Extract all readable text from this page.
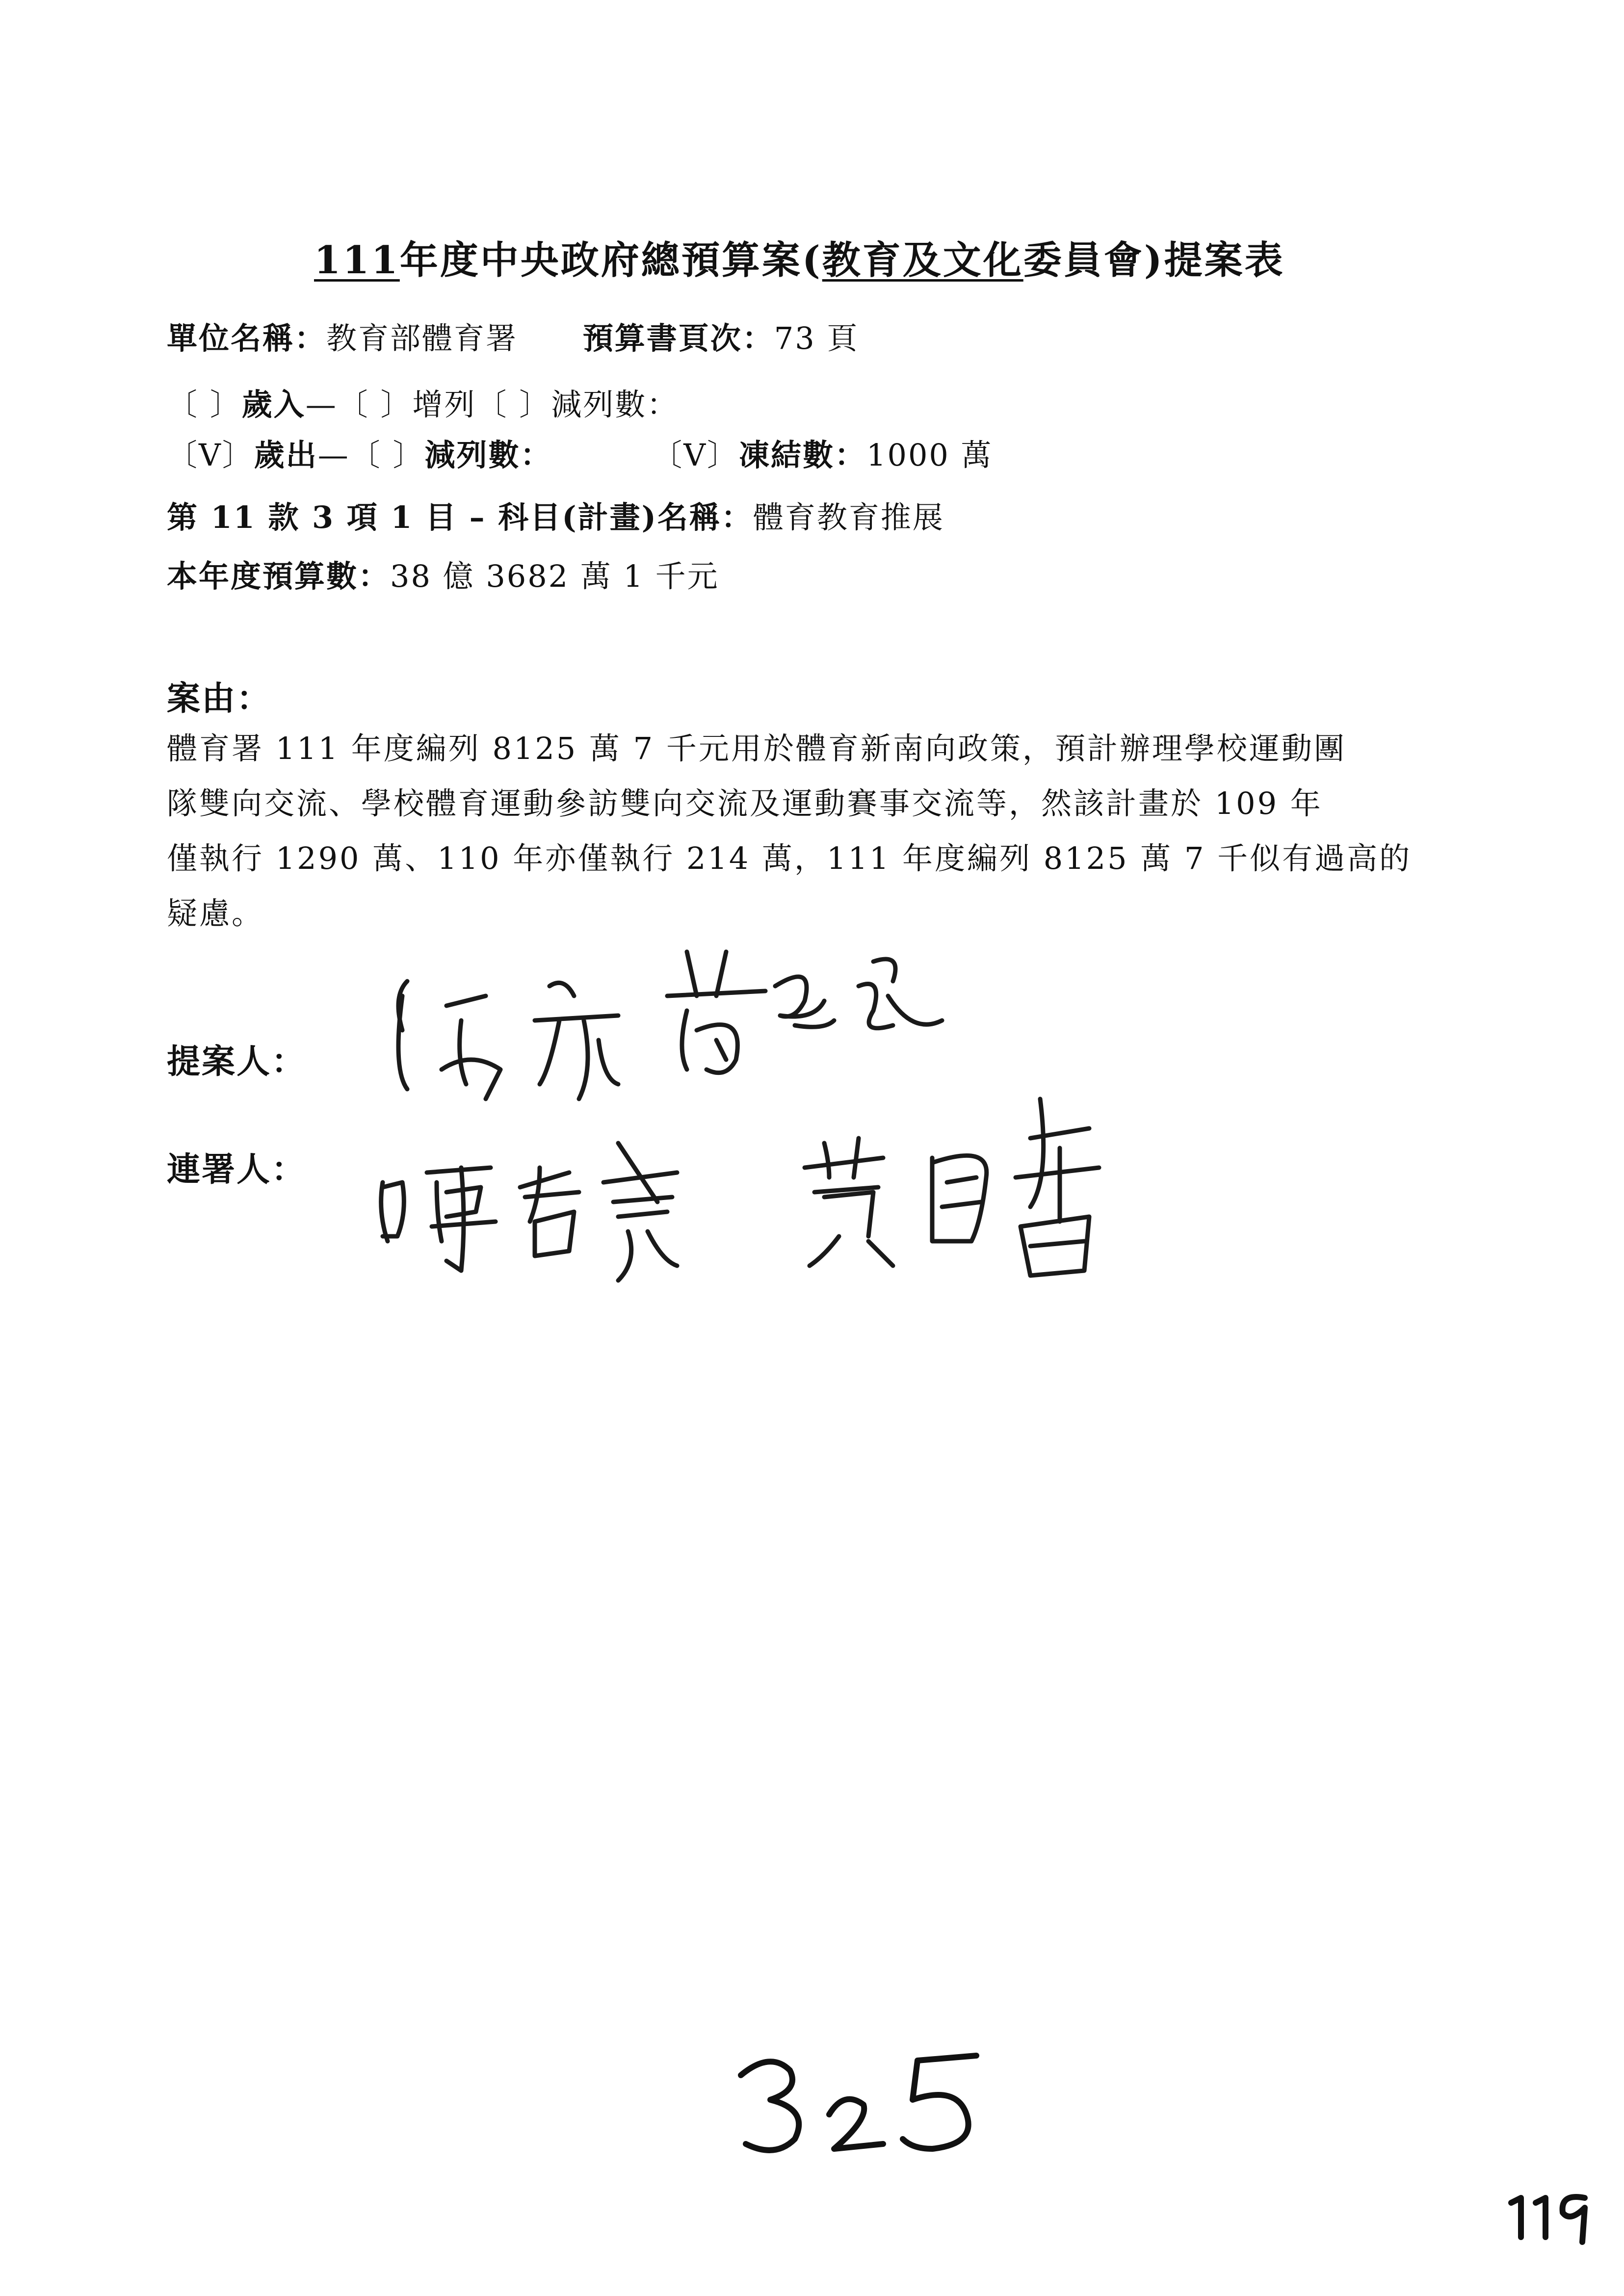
111年度中央政府總預算案(教育及文化委員會)提案表
單位名稱：教育部體育署 預算書頁次：73 頁
〔 〕歲入—〔 〕增列〔 〕減列數：
〔V〕歲出—〔 〕減列數：	〔V〕凍結數：1000 萬
第 11 款 3 項 1 目 – 科目(計畫)名稱：體育教育推展
本年度預算數：38 億 3682 萬 1 千元
案由：
體育署 111 年度編列 8125 萬 7 千元用於體育新南向政策，預計辦理學校運動團
隊雙向交流、學校體育運動參訪雙向交流及運動賽事交流等，然該計畫於 109 年
僅執行 1290 萬、110 年亦僅執行 214 萬，111 年度編列 8125 萬 7 千似有過高的
疑慮。
提案人：
連署人：
